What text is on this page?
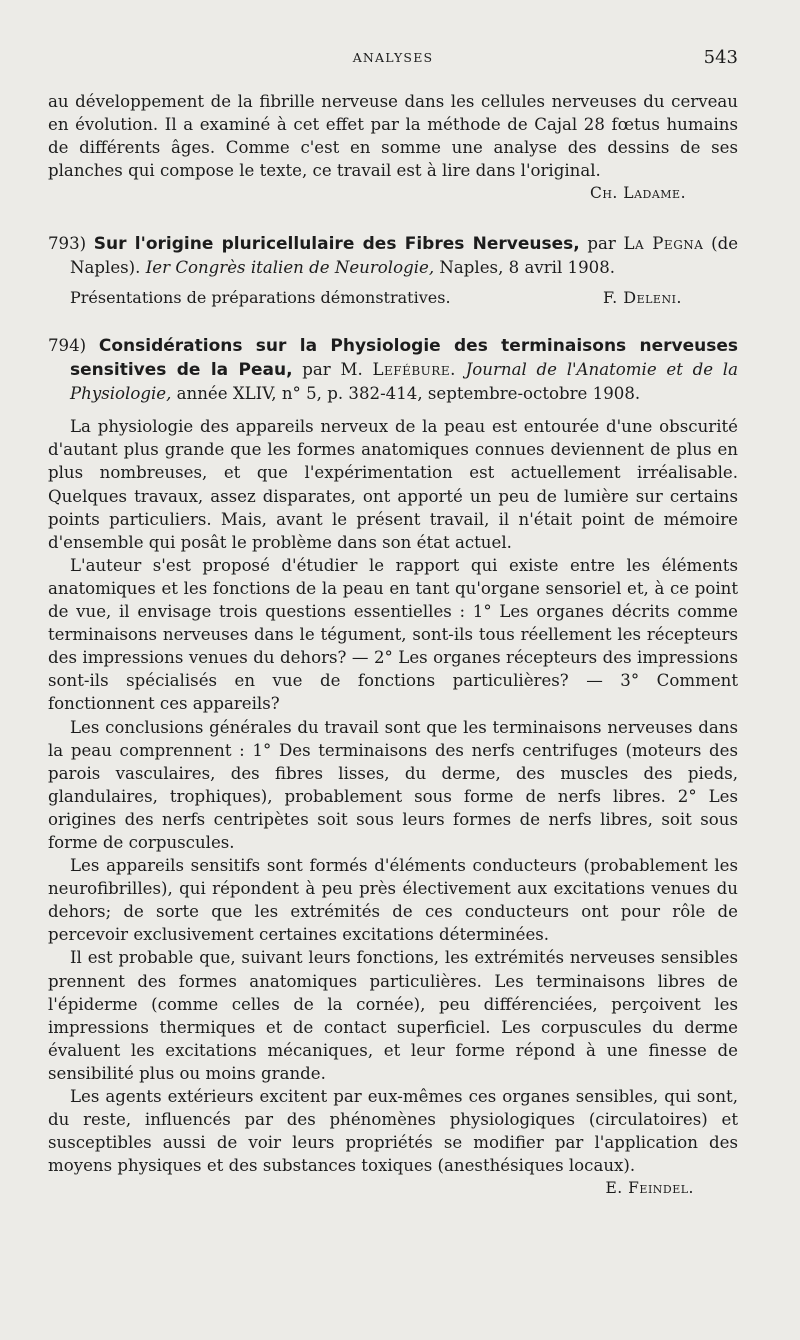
ANALYSES	543

au développement de la fibrille nerveuse dans les cellules nerveuses du cerveau en évolution. Il a examiné à cet effet par la méthode de Cajal 28 fœtus humains de différents âges. Comme c'est en somme une analyse des dessins de ses planches qui compose le texte, ce travail est à lire dans l'original.

Ch. Ladame.

793) Sur l'origine pluricellulaire des Fibres Nerveuses, par La Pegna (de Naples). Ier Congrès italien de Neurologie, Naples, 8 avril 1908.

Présentations de préparations démonstratives.	F. Deleni.

794) Considérations sur la Physiologie des terminaisons nerveuses sensitives de la Peau, par M. Lefébure. Journal de l'Anatomie et de la Physiologie, année XLIV, n° 5, p. 382-414, septembre-octobre 1908.

La physiologie des appareils nerveux de la peau est entourée d'une obscurité d'autant plus grande que les formes anatomiques connues deviennent de plus en plus nombreuses, et que l'expérimentation est actuellement irréalisable. Quelques travaux, assez disparates, ont apporté un peu de lumière sur certains points particuliers. Mais, avant le présent travail, il n'était point de mémoire d'ensemble qui posât le problème dans son état actuel.

L'auteur s'est proposé d'étudier le rapport qui existe entre les éléments anatomiques et les fonctions de la peau en tant qu'organe sensoriel et, à ce point de vue, il envisage trois questions essentielles : 1° Les organes décrits comme terminaisons nerveuses dans le tégument, sont-ils tous réellement les récepteurs des impressions venues du dehors? — 2° Les organes récepteurs des impressions sont-ils spécialisés en vue de fonctions particulières? — 3° Comment fonctionnent ces appareils?

Les conclusions générales du travail sont que les terminaisons nerveuses dans la peau comprennent : 1° Des terminaisons des nerfs centrifuges (moteurs des parois vasculaires, des fibres lisses, du derme, des muscles des pieds, glandulaires, trophiques), probablement sous forme de nerfs libres. 2° Les origines des nerfs centripètes soit sous leurs formes de nerfs libres, soit sous forme de corpuscules.

Les appareils sensitifs sont formés d'éléments conducteurs (probablement les neurofibrilles), qui répondent à peu près électivement aux excitations venues du dehors; de sorte que les extrémités de ces conducteurs ont pour rôle de percevoir exclusivement certaines excitations déterminées.

Il est probable que, suivant leurs fonctions, les extrémités nerveuses sensibles prennent des formes anatomiques particulières. Les terminaisons libres de l'épiderme (comme celles de la cornée), peu différenciées, perçoivent les impressions thermiques et de contact superficiel. Les corpuscules du derme évaluent les excitations mécaniques, et leur forme répond à une finesse de sensibilité plus ou moins grande.

Les agents extérieurs excitent par eux-mêmes ces organes sensibles, qui sont, du reste, influencés par des phénomènes physiologiques (circulatoires) et susceptibles aussi de voir leurs propriétés se modifier par l'application des moyens physiques et des substances toxiques (anesthésiques locaux).

E. Feindel.
